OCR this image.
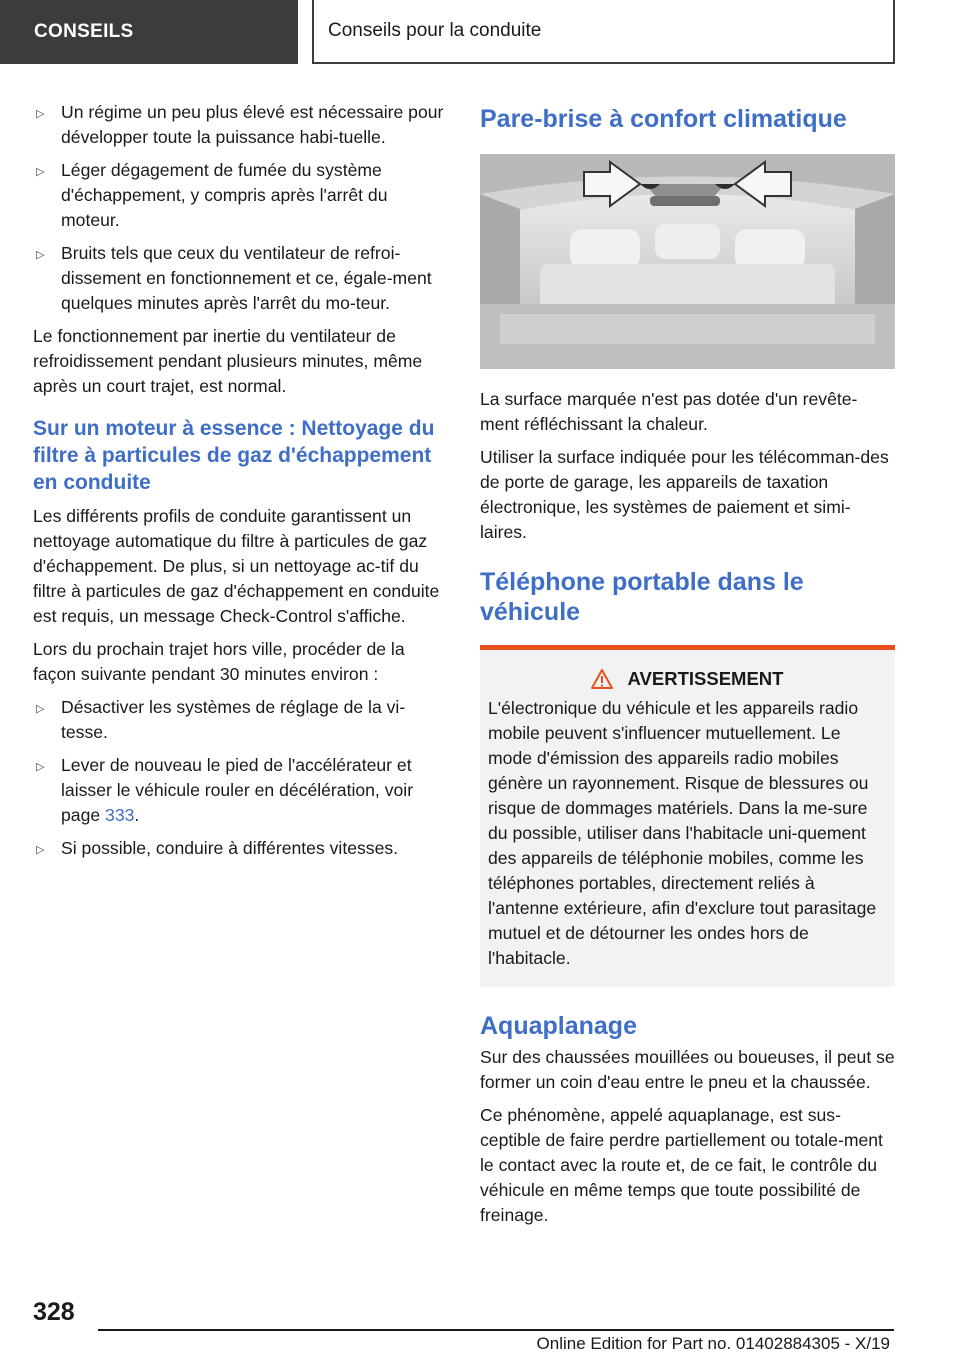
CONSEILS	Conseils pour la conduite
▷ Un régime un peu plus élevé est nécessaire pour développer toute la puissance habi-tuelle.
▷ Léger dégagement de fumée du système d'échappement, y compris après l'arrêt du moteur.
▷ Bruits tels que ceux du ventilateur de refroi-dissement en fonctionnement et ce, égale-ment quelques minutes après l'arrêt du mo-teur.

Le fonctionnement par inertie du ventilateur de refroidissement pendant plusieurs minutes, même après un court trajet, est normal.

Sur un moteur à essence : Nettoyage du filtre à particules de gaz d'échappement en conduite

Les différents profils de conduite garantissent un nettoyage automatique du filtre à particules de gaz d'échappement. De plus, si un nettoyage ac-tif du filtre à particules de gaz d'échappement en conduite est requis, un message Check-Control s'affiche.

Lors du prochain trajet hors ville, procéder de la façon suivante pendant 30 minutes environ :

▷ Désactiver les systèmes de réglage de la vi-tesse.
▷ Lever de nouveau le pied de l'accélérateur et laisser le véhicule rouler en décélération, voir page 333.
▷ Si possible, conduire à différentes vitesses.
Pare-brise à confort climatique

La surface marquée n'est pas dotée d'un revête-ment réfléchissant la chaleur.

Utiliser la surface indiquée pour les télécomman-des de porte de garage, les appareils de taxation électronique, les systèmes de paiement et simi-laires.

Téléphone portable dans le véhicule
AVERTISSEMENT

L'électronique du véhicule et les appareils radio mobile peuvent s'influencer mutuellement. Le mode d'émission des appareils radio mobiles génère un rayonnement. Risque de blessures ou risque de dommages matériels. Dans la me-sure du possible, utiliser dans l'habitacle uni-quement des appareils de téléphonie mobiles, comme les téléphones portables, directement reliés à l'antenne extérieure, afin d'exclure tout parasitage mutuel et de détourner les ondes hors de l'habitacle.

Aquaplanage

Sur des chaussées mouillées ou boueuses, il peut se former un coin d'eau entre le pneu et la chaussée.

Ce phénomène, appelé aquaplanage, est sus-ceptible de faire perdre partiellement ou totale-ment le contact avec la route et, de ce fait, le contrôle du véhicule en même temps que toute possibilité de freinage.

328
Online Edition for Part no. 01402884305 - X/19
